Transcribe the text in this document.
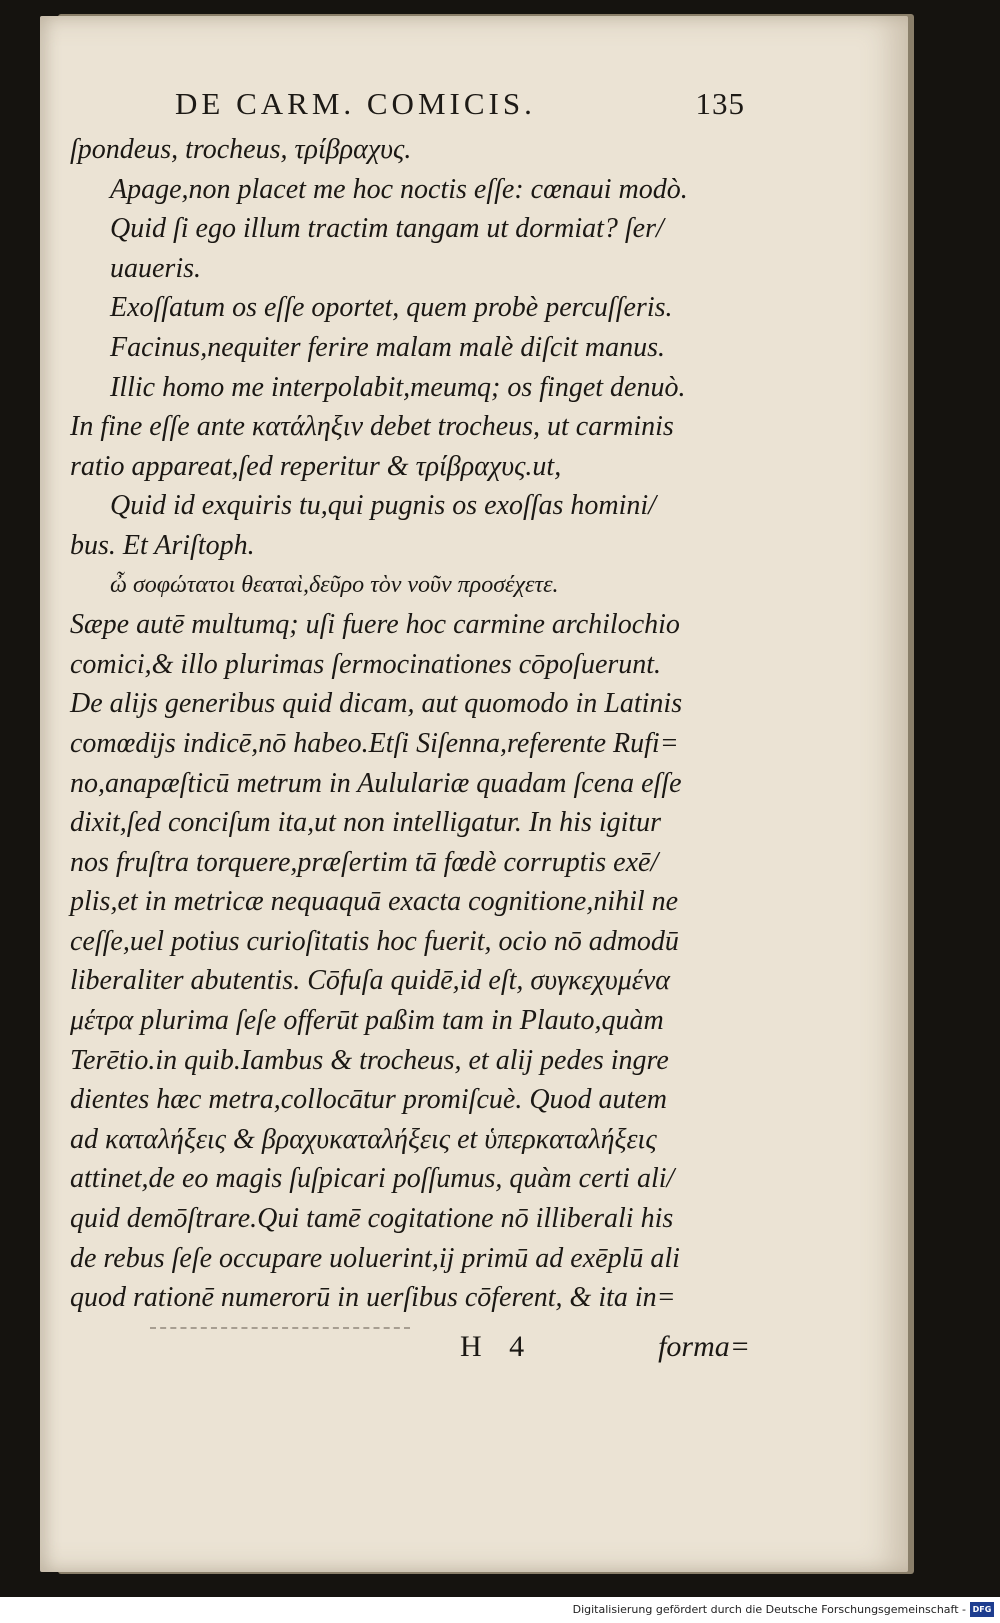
DE CARM. COMICIS.	135
ſpondeus, trocheus, τρίβραχυς.
Apage,non placet me hoc noctis eſſe: cœnaui modò.
Quid ſi ego illum tractim tangam ut dormiat? ſer/
uaueris.
Exoſſatum os eſſe oportet, quem probè percuſſeris.
Facinus,nequiter ferire malam malè diſcit manus.
Illic homo me interpolabit,meumq; os finget denuò.
In fine eſſe ante κατάληξιν debet trocheus, ut carminis
ratio appareat,ſed reperitur & τρίβραχυς.ut,
Quid id exquiris tu,qui pugnis os exoſſas homini/
bus. Et Ariſtoph.
ὦ σοφώτατοι θεαταὶ,δεῦρο τὸν νοῦν προσέχετε.
Sæpe autē multumq; uſi fuere hoc carmine archilochio
comici,& illo plurimas ſermocinationes cōpoſuerunt.
De alijs generibus quid dicam, aut quomodo in Latinis
comœdijs indicē,nō habeo.Etſi Siſenna,referente Rufi=
no,anapæſticū metrum in Aululariæ quadam ſcena eſſe
dixit,ſed conciſum ita,ut non intelligatur. In his igitur
nos fruſtra torquere,præſertim tā fœdè corruptis exē/
plis,et in metricæ nequaquā exacta cognitione,nihil ne
ceſſe,uel potius curioſitatis hoc fuerit, ocio nō admodū
liberaliter abutentis. Cōfuſa quidē,id eſt, συγκεχυμένα
μέτρα plurima ſeſe offerūt paßim tam in Plauto,quàm
Terētio.in quib.Iambus & trocheus, et alij pedes ingre
dientes hæc metra,collocātur promiſcuè. Quod autem
ad καταλήξεις & βραχυκαταλήξεις et ὑπερκαταλήξεις
attinet,de eo magis ſuſpicari poſſumus, quàm certi ali/
quid demōſtrare.Qui tamē cogitatione nō illiberali his
de rebus ſeſe occupare uoluerint,ij primū ad exēplū ali
quod rationē numerorū in uerſibus cōferent, & ita in=
H 4	forma=
Digitalisierung gefördert durch die Deutsche Forschungsgemeinschaft - DFG
